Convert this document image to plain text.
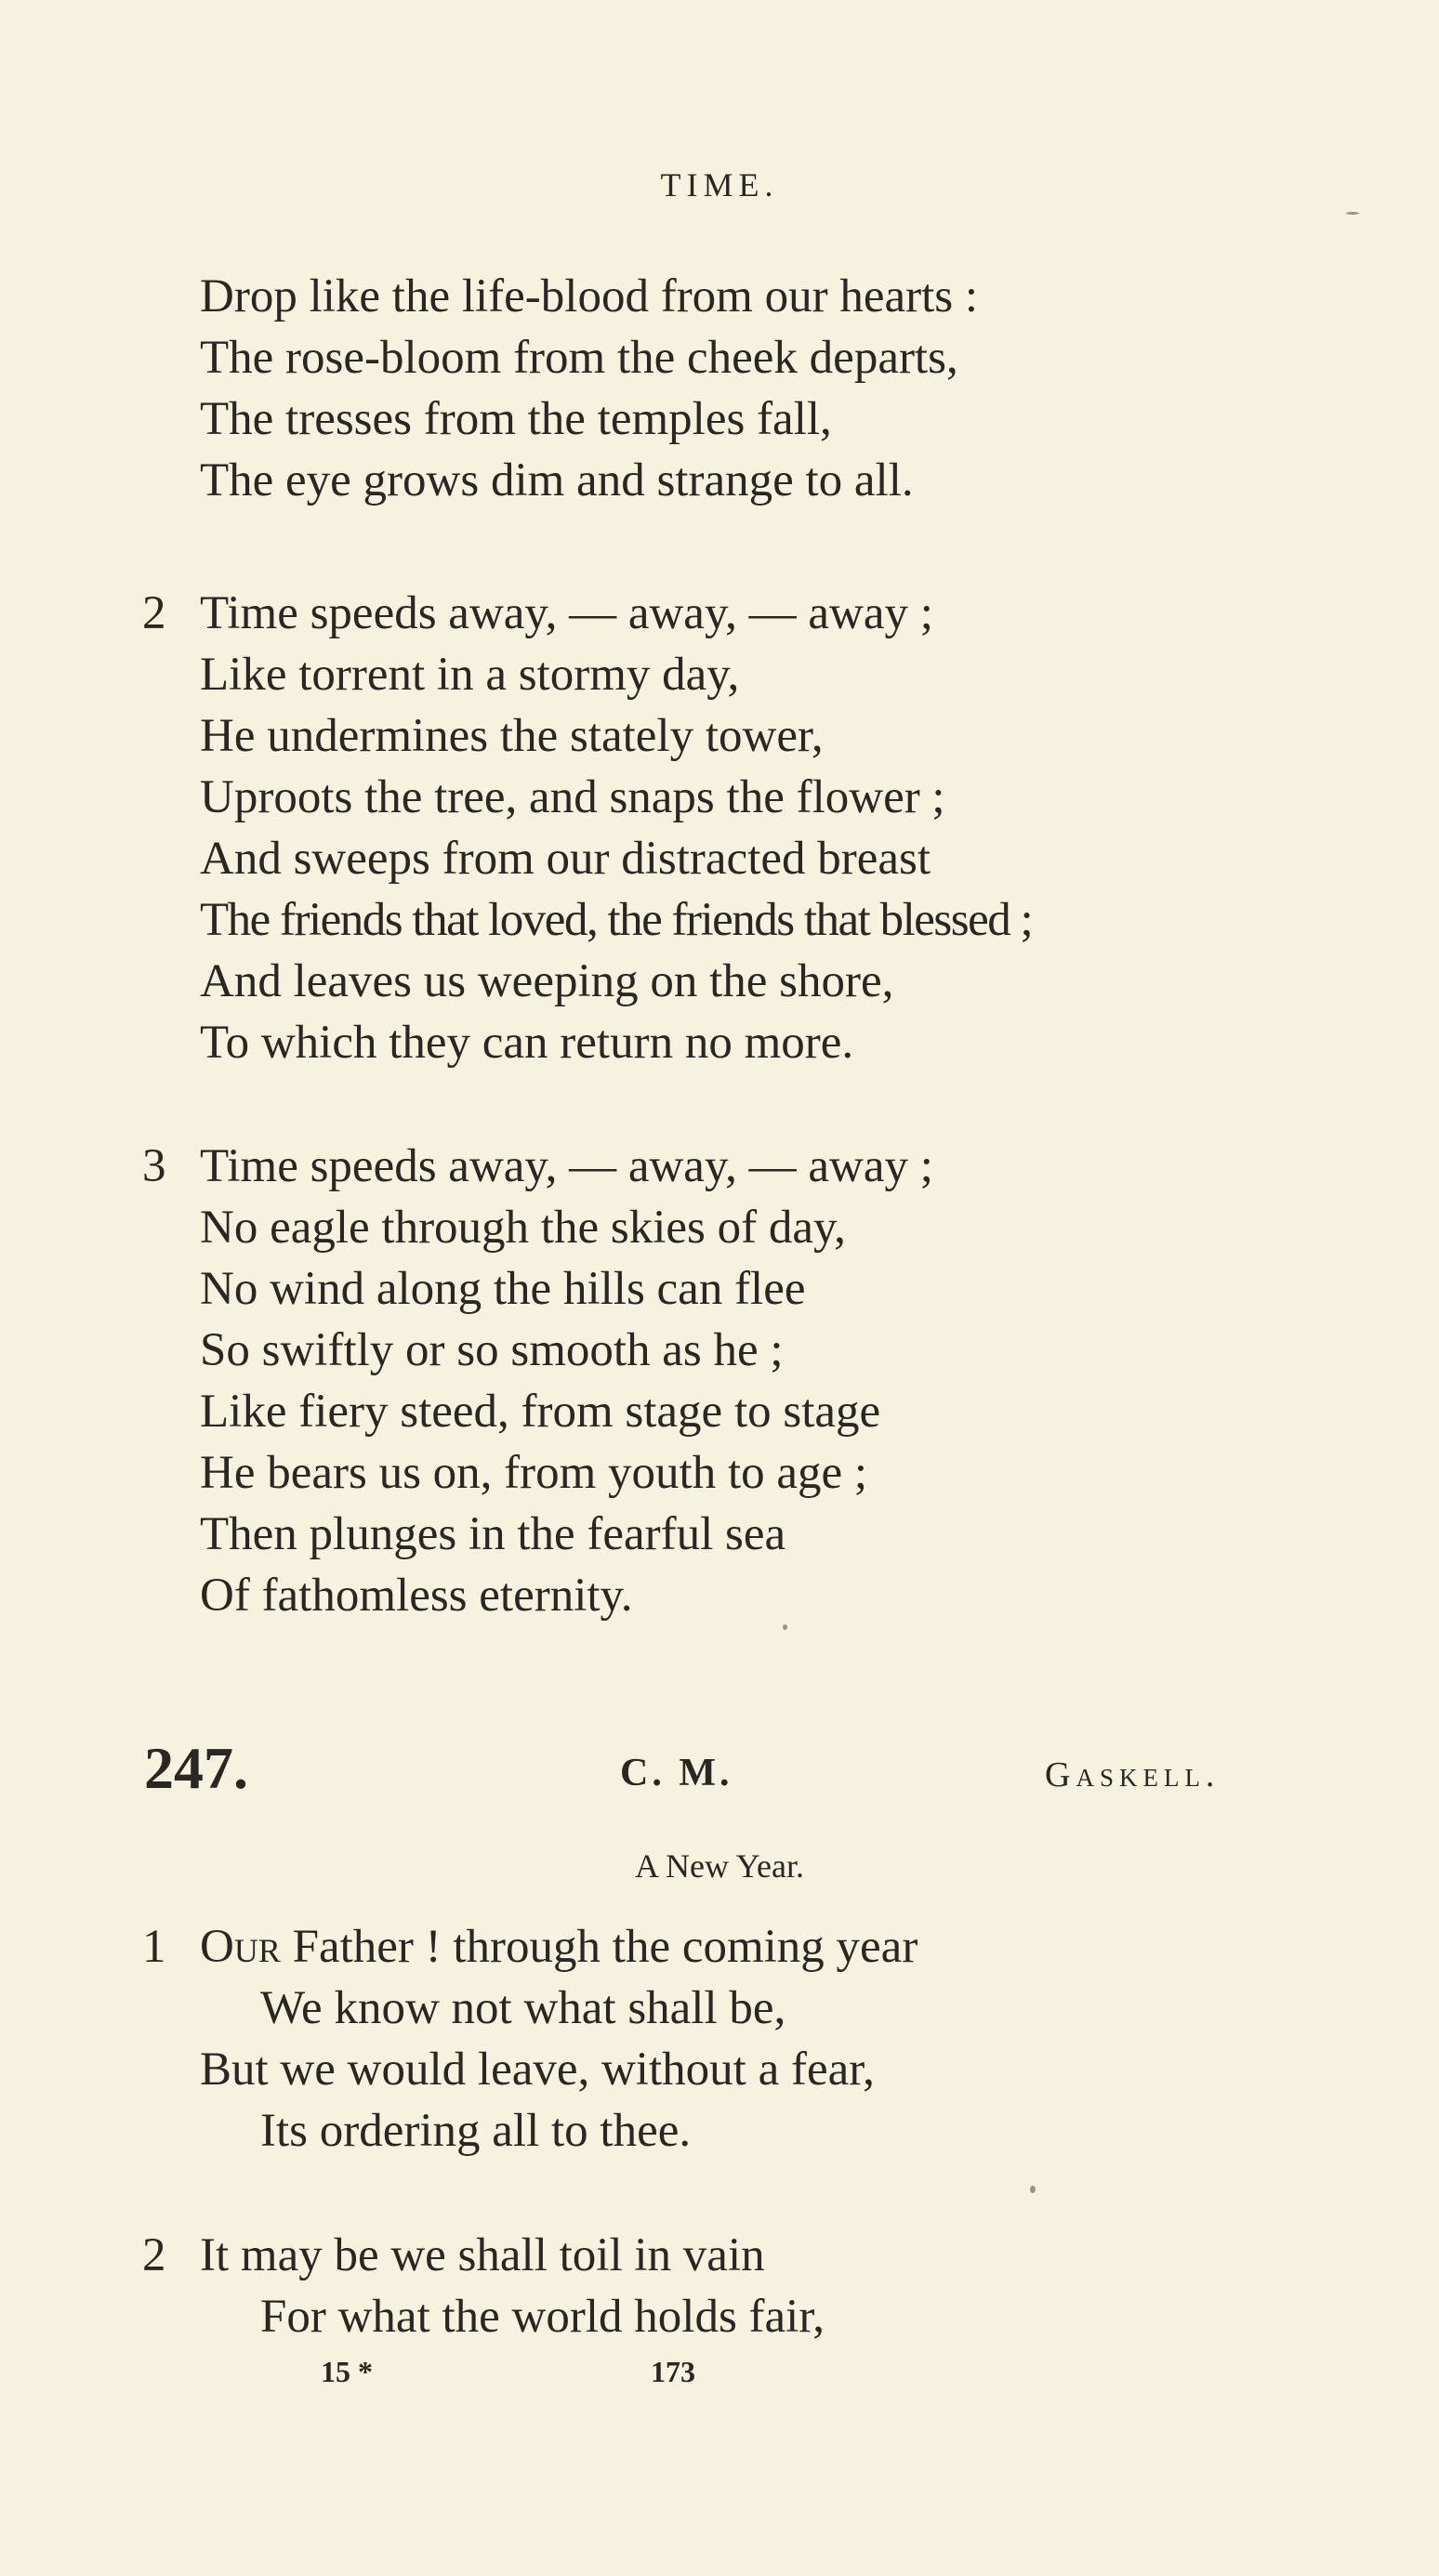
TIME.
Drop like the life-blood from our hearts :
The rose-bloom from the cheek departs,
The tresses from the temples fall,
The eye grows dim and strange to all.
2 Time speeds away, — away, — away ;
Like torrent in a stormy day,
He undermines the stately tower,
Uproots the tree, and snaps the flower ;
And sweeps from our distracted breast
The friends that loved, the friends that blessed ;
And leaves us weeping on the shore,
To which they can return no more.
3 Time speeds away, — away, — away ;
No eagle through the skies of day,
No wind along the hills can flee
So swiftly or so smooth as he ;
Like fiery steed, from stage to stage
He bears us on, from youth to age ;
Then plunges in the fearful sea
Of fathomless eternity.
247.	C. M.	Gaskell.
A New Year.
1 Our Father ! through the coming year
We know not what shall be,
But we would leave, without a fear,
Its ordering all to thee.
2 It may be we shall toil in vain
For what the world holds fair,
15 *	173
